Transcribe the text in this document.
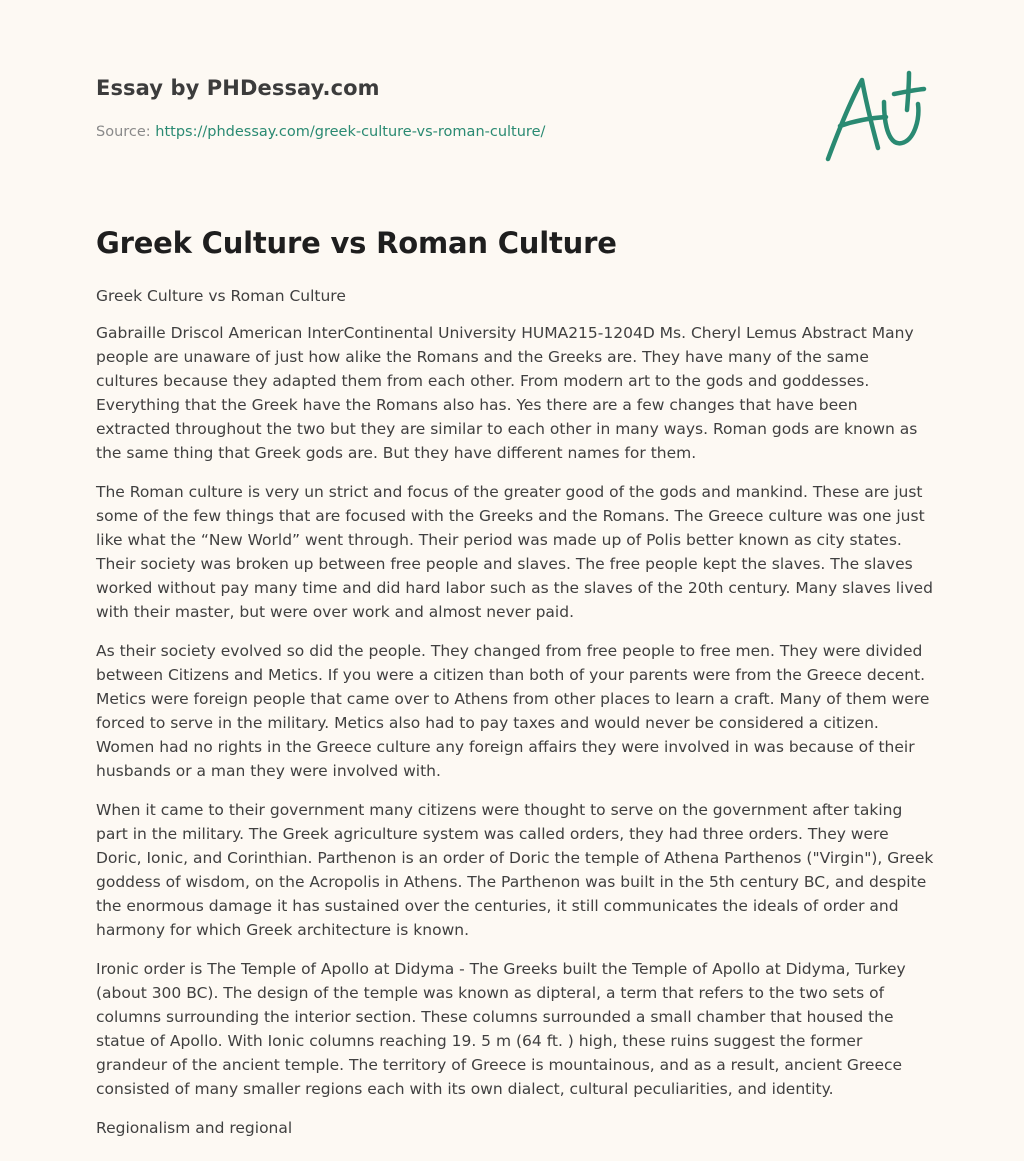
Essay by PHDessay.com
Source: https://phdessay.com/greek-culture-vs-roman-culture/
Greek Culture vs Roman Culture

Greek Culture vs Roman Culture

Gabraille Driscol American InterContinental University HUMA215-1204D Ms. Cheryl Lemus Abstract Many people are unaware of just how alike the Romans and the Greeks are. They have many of the same cultures because they adapted them from each other. From modern art to the gods and goddesses. Everything that the Greek have the Romans also has. Yes there are a few changes that have been extracted throughout the two but they are similar to each other in many ways. Roman gods are known as the same thing that Greek gods are. But they have different names for them.

The Roman culture is very un strict and focus of the greater good of the gods and mankind. These are just some of the few things that are focused with the Greeks and the Romans. The Greece culture was one just like what the “New World” went through. Their period was made up of Polis better known as city states. Their society was broken up between free people and slaves. The free people kept the slaves. The slaves worked without pay many time and did hard labor such as the slaves of the 20th century. Many slaves lived with their master, but were over work and almost never paid.

As their society evolved so did the people. They changed from free people to free men. They were divided between Citizens and Metics. If you were a citizen than both of your parents were from the Greece decent. Metics were foreign people that came over to Athens from other places to learn a craft. Many of them were forced to serve in the military. Metics also had to pay taxes and would never be considered a citizen. Women had no rights in the Greece culture any foreign affairs they were involved in was because of their husbands or a man they were involved with.

When it came to their government many citizens were thought to serve on the government after taking part in the military. The Greek agriculture system was called orders, they had three orders. They were Doric, Ionic, and Corinthian. Parthenon is an order of Doric the temple of Athena Parthenos ("Virgin"), Greek goddess of wisdom, on the Acropolis in Athens. The Parthenon was built in the 5th century BC, and despite the enormous damage it has sustained over the centuries, it still communicates the ideals of order and harmony for which Greek architecture is known.

Ironic order is The Temple of Apollo at Didyma - The Greeks built the Temple of Apollo at Didyma, Turkey (about 300 BC). The design of the temple was known as dipteral, a term that refers to the two sets of columns surrounding the interior section. These columns surrounded a small chamber that housed the statue of Apollo. With Ionic columns reaching 19. 5 m (64 ft. ) high, these ruins suggest the former grandeur of the ancient temple. The territory of Greece is mountainous, and as a result, ancient Greece consisted of many smaller regions each with its own dialect, cultural peculiarities, and identity.

Regionalism and regional
